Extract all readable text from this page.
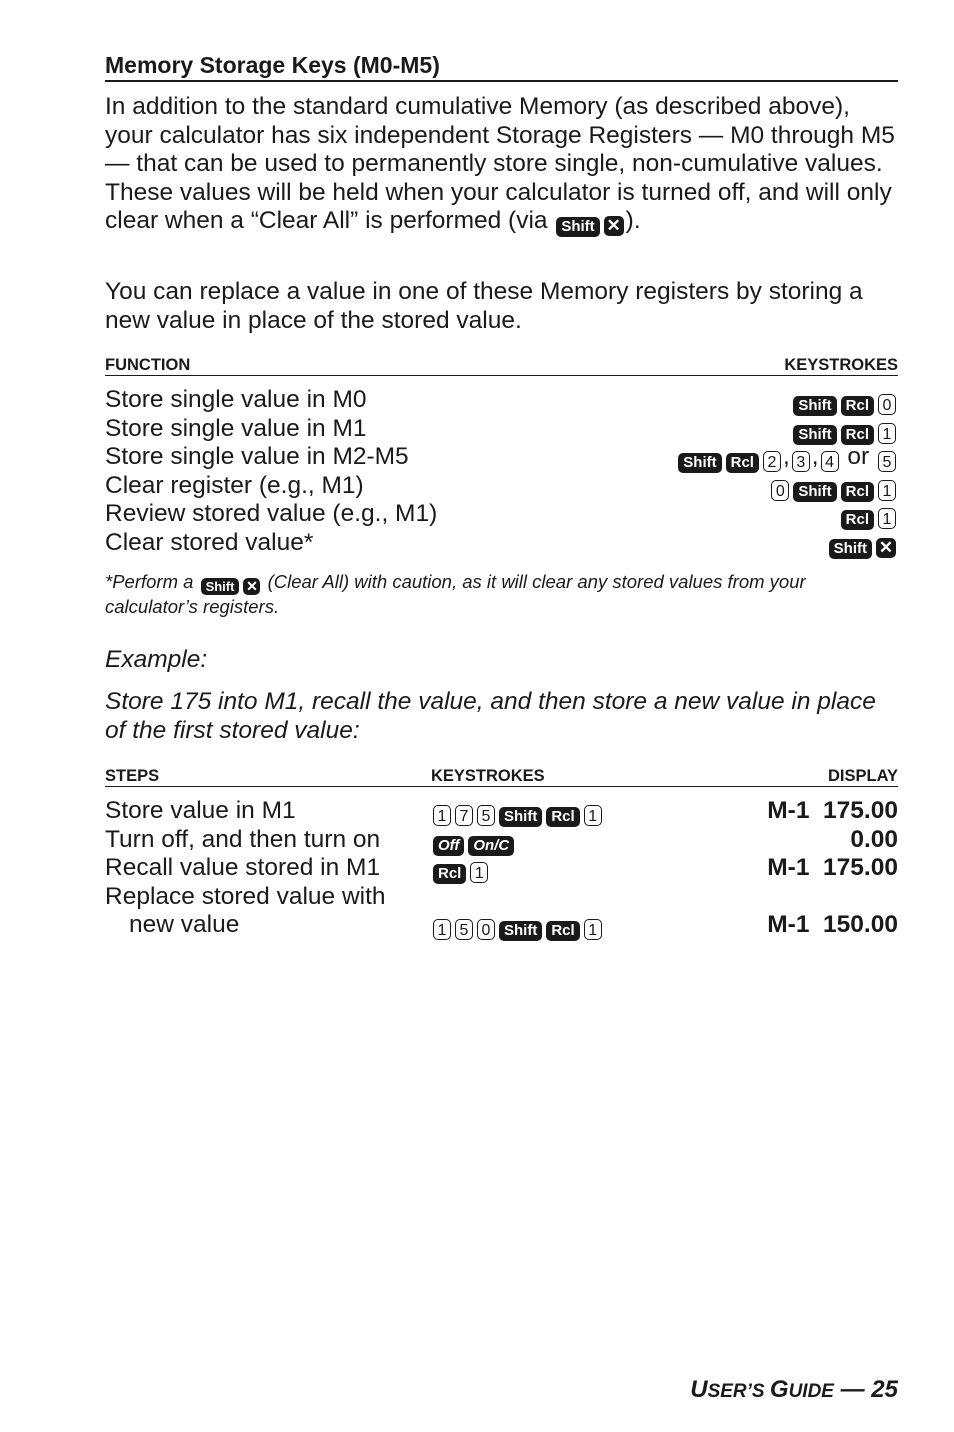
Memory Storage Keys (M0-M5)
In addition to the standard cumulative Memory (as described above), your calculator has six independent Storage Registers — M0 through M5 — that can be used to permanently store single, non-cumulative values. These values will be held when your calculator is turned off, and will only clear when a “Clear All” is performed (via Shift ✕ ).
You can replace a value in one of these Memory registers by storing a new value in place of the stored value.
FUNCTION	KEYSTROKES
Store single value in M0	Shift Rcl 0
Store single value in M1	Shift Rcl 1
Store single value in M2-M5	Shift Rcl 2 , 3 , 4 or 5
Clear register (e.g., M1)	0 Shift Rcl 1
Review stored value (e.g., M1)	Rcl 1
Clear stored value*	Shift ✕
*Perform a Shift ✕ (Clear All) with caution, as it will clear any stored values from your calculator’s registers.
Example:
Store 175 into M1, recall the value, and then store a new value in place of the first stored value:
STEPS	KEYSTROKES	DISPLAY
Store value in M1	1 7 5 Shift Rcl 1	M-1  175.00
Turn off, and then turn on	Off On/C	0.00
Recall value stored in M1	Rcl 1	M-1  175.00
Replace stored value with
new value	1 5 0 Shift Rcl 1	M-1  150.00
USER’S GUIDE — 25
